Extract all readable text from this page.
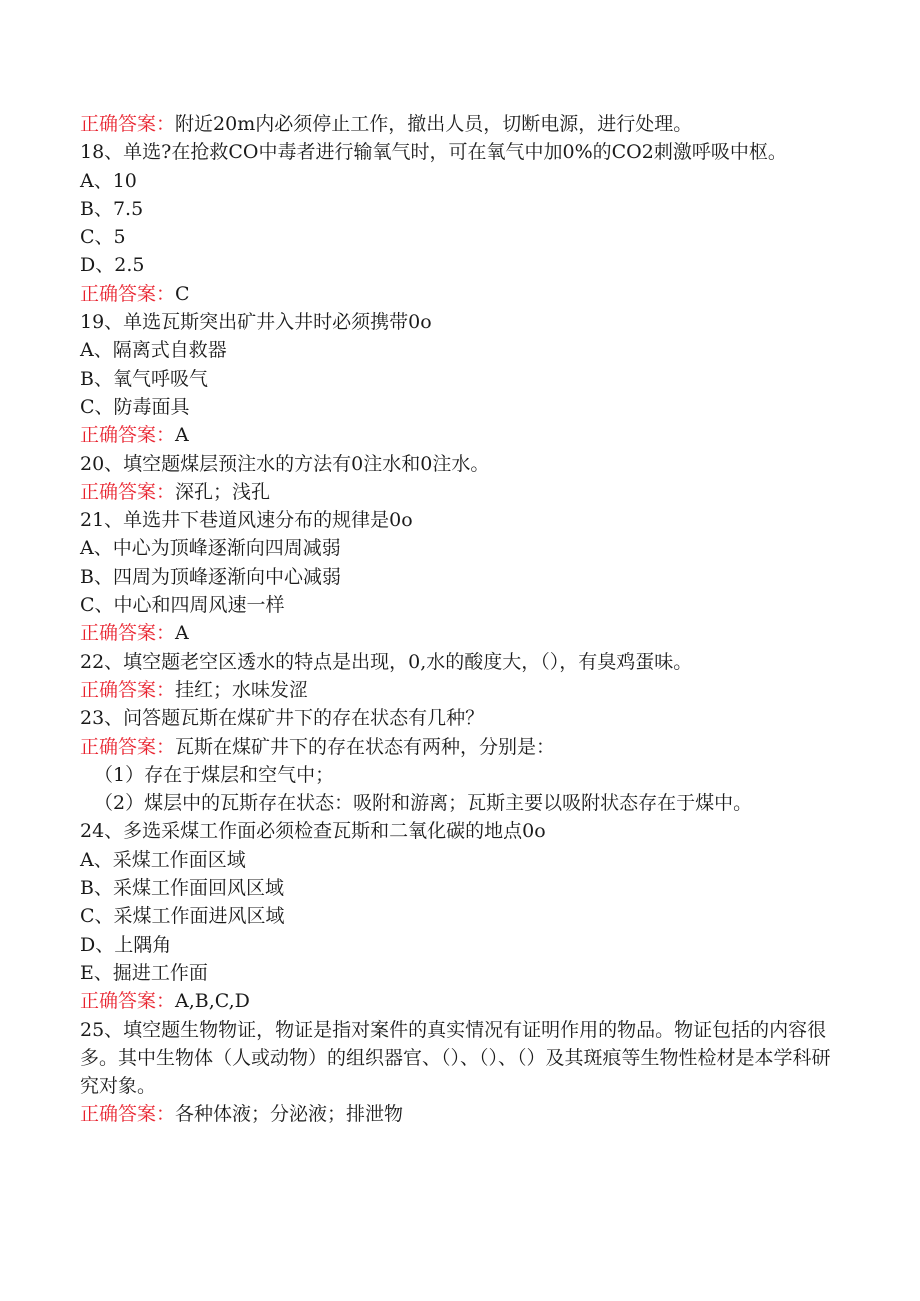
正确答案：附近20m内必须停止工作，撤出人员，切断电源，进行处理。

18、单选?在抢救CO中毒者进行输氧气时，可在氧气中加0%的CO2刺激呼吸中枢。

A、10

B、7.5

C、5

D、2.5

正确答案：C

19、单选瓦斯突出矿井入井时必须携带0o

A、隔离式自救器

B、氧气呼吸气

C、防毒面具

正确答案：A

20、填空题煤层预注水的方法有0注水和0注水。

正确答案：深孔；浅孔

21、单选井下巷道风速分布的规律是0o

A、中心为顶峰逐渐向四周减弱

B、四周为顶峰逐渐向中心减弱

C、中心和四周风速一样

正确答案：A

22、填空题老空区透水的特点是出现，0,水的酸度大，（），有臭鸡蛋味。

正确答案：挂红；水味发涩

23、问答题瓦斯在煤矿井下的存在状态有几种？

正确答案：瓦斯在煤矿井下的存在状态有两种，分别是：

（1）存在于煤层和空气中；

（2）煤层中的瓦斯存在状态：吸附和游离；瓦斯主要以吸附状态存在于煤中。

24、多选采煤工作面必须检查瓦斯和二氧化碳的地点0o

A、采煤工作面区域

B、采煤工作面回风区域

C、采煤工作面进风区域

D、上隅角

E、掘进工作面

正确答案：A,B,C,D

25、填空题生物物证，物证是指对案件的真实情况有证明作用的物品。物证包括的内容很多。其中生物体（人或动物）的组织器官、（）、（）、（）及其斑痕等生物性检材是本学科研究对象。

正确答案：各种体液；分泌液；排泄物
